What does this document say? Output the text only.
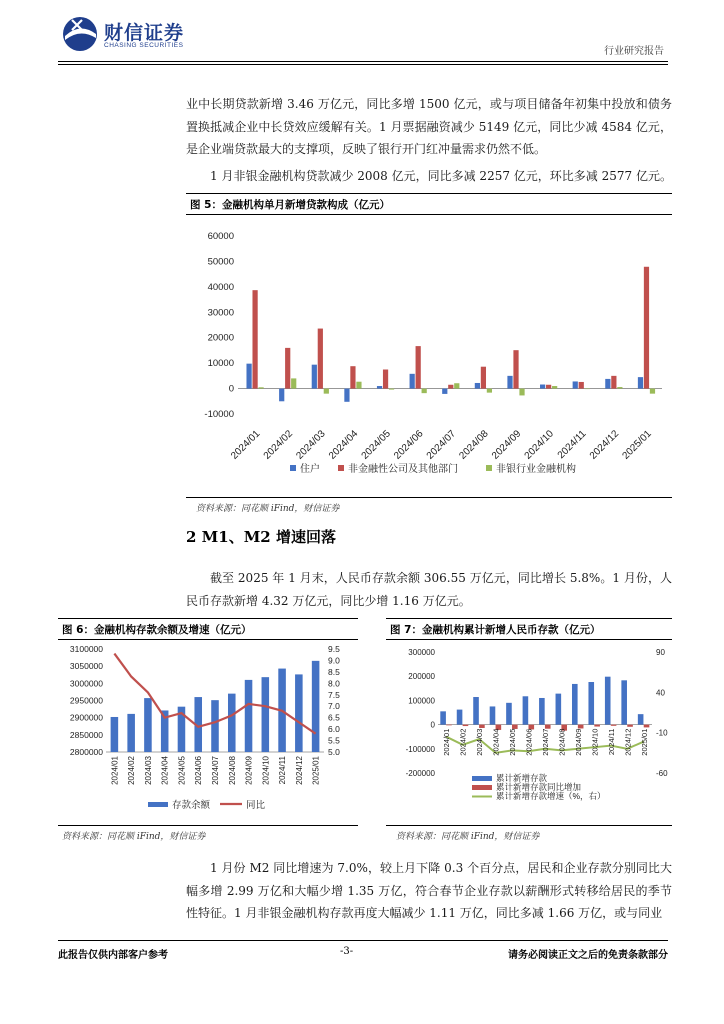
财信证券
CHASING SECURITIES
行业研究报告
业中长期贷款新增 3.46 万亿元，同比多增 1500 亿元，或与项目储备年初集中投放和债务置换抵减企业中长贷效应缓解有关。1 月票据融资减少 5149 亿元，同比少减 4584 亿元，是企业端贷款最大的支撑项，反映了银行开门红冲量需求仍然不低。
1 月非银金融机构贷款减少 2008 亿元，同比多减 2257 亿元，环比多减 2577 亿元。
图 5：金融机构单月新增贷款构成（亿元）
60000
50000
40000
30000
20000
10000
0
-10000
2024/01 2024/02 2024/03 2024/04 2024/05 2024/06 2024/07 2024/08 2024/09 2024/10 2024/11 2024/12 2025/01
住户	非金融性公司及其他部门	非银行业金融机构
资料来源：同花顺 iFind，财信证券
2 M1、M2 增速回落
截至 2025 年 1 月末，人民币存款余额 306.55 万亿元，同比增长 5.8%。1 月份，人民币存款新增 4.32 万亿元，同比少增 1.16 万亿元。
图 6：金融机构存款余额及增速（亿元）
3100000
3050000
3000000
2950000
2900000
2850000
2800000
9.5
9.0
8.5
8.0
7.5
7.0
6.5
6.0
5.5
5.0
2024/01 2024/02 2024/03 2024/04 2024/05 2024/06 2024/07 2024/08 2024/09 2024/10 2024/11 2024/12 2025/01
存款余额	同比
资料来源：同花顺 iFind，财信证券
图 7：金融机构累计新增人民币存款（亿元）
300000
200000
100000
0
-100000
-200000
90
40
-10
-60
2024/01 2024/02 2024/03 2024/04 2024/05 2024/06 2024/07 2024/08 2024/09 2024/10 2024/11 2024/12 2025/01
累计新增存款
累计新增存款同比增加
累计新增存款增速（%，右）
资料来源：同花顺 iFind，财信证券
1 月份 M2 同比增速为 7.0%，较上月下降 0.3 个百分点，居民和企业存款分别同比大幅多增 2.99 万亿和大幅少增 1.35 万亿，符合春节企业存款以薪酬形式转移给居民的季节性特征。1 月非银金融机构存款再度大幅减少 1.11 万亿，同比多减 1.66 万亿，或与同业
此报告仅供内部客户参考	-3-	请务必阅读正文之后的免责条款部分
